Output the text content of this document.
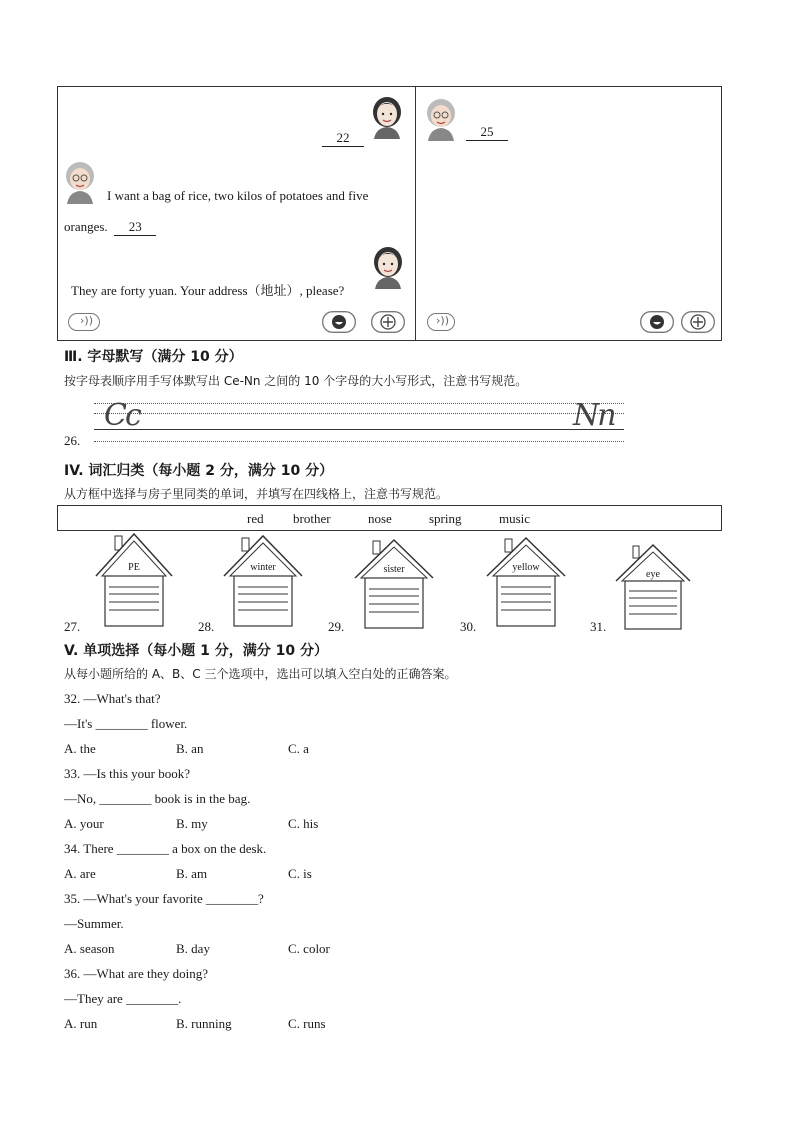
22
I want a bag of rice, two kilos of potatoes and five
oranges. 23
They are forty yuan. Your address（地址）, please?
›))
25
›))
Ⅲ. 字母默写（满分 10 分）
按字母表顺序用手写体默写出 Ce-Nn 之间的 10 个字母的大小写形式，注意书写规范。
Cc	Nn
26.
IV. 词汇归类（每小题 2 分，满分 10 分）
从方框中选择与房子里同类的单词，并填写在四线格上，注意书写规范。
red brother	nose	spring	music
27.
PE
28.
winter
29.
sister
30.
yellow
31.
eye
V. 单项选择（每小题 1 分，满分 10 分）
从每小题所给的 A、B、C 三个选项中，选出可以填入空白处的正确答案。
32. —What's that?
—It's ________ flower.
A. the	B. an	C. a
33. —Is this your book?
—No, ________ book is in the bag.
A. your	B. my	C. his
34. There ________ a box on the desk.
A. are	B. am	C. is
35. —What's your favorite ________?
—Summer.
A. season	B. day	C. color
36. —What are they doing?
—They are ________.
A. run	B. running	C. runs
